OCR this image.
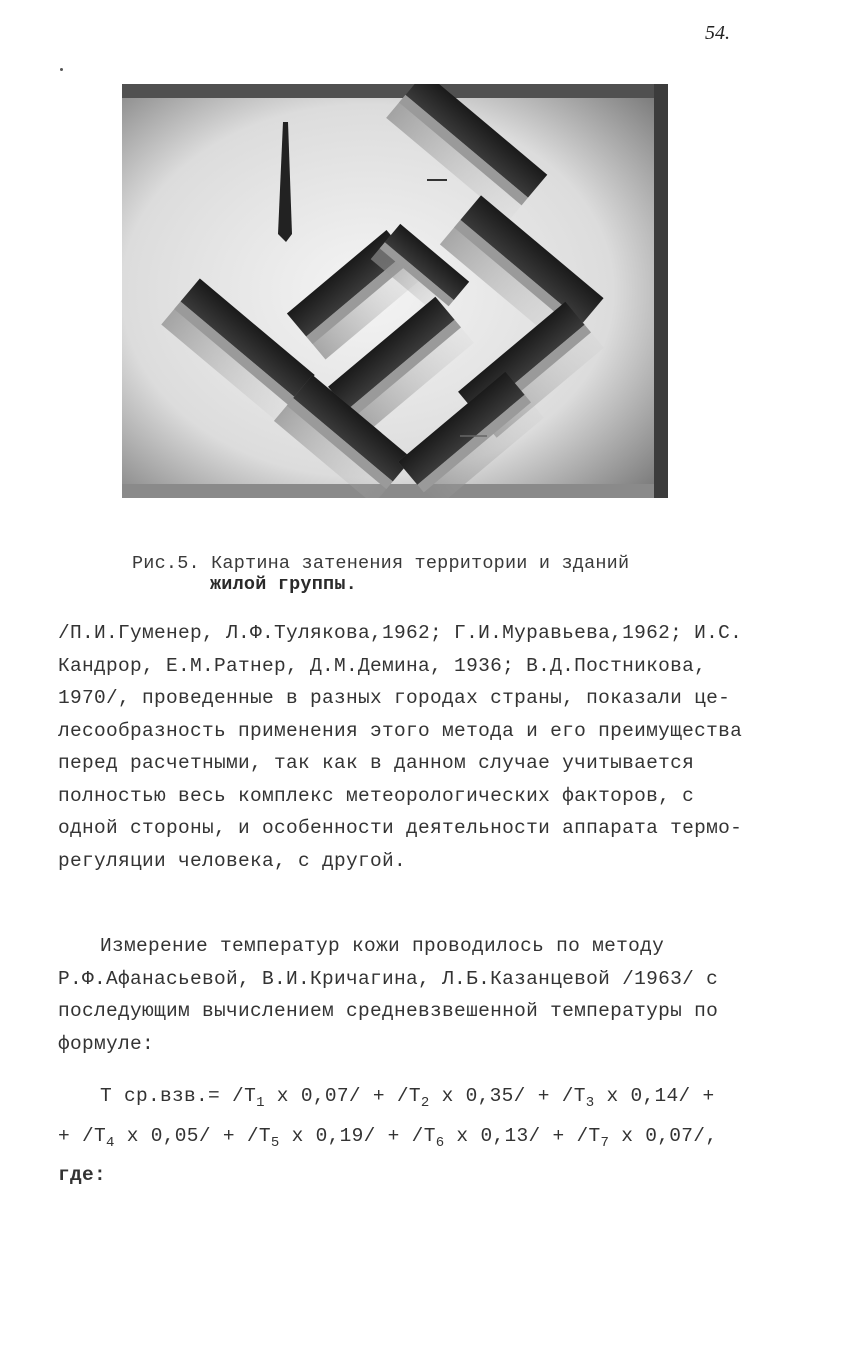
54.
Рис.5. Картина затенения территории и зданий
жилой группы.
/П.И.Гуменер, Л.Ф.Тулякова,1962; Г.И.Муравьева,1962; И.С.
Кандрор, Е.М.Ратнер, Д.М.Демина, 1936; В.Д.Постникова,
1970/, проведенные в разных городах страны, показали це-
лесообразность применения этого метода и его преимущества
перед расчетными, так как в данном случае учитывается
полностью весь комплекс метеорологических факторов, с
одной стороны, и особенности деятельности аппарата термо-
регуляции человека, с другой.
Измерение температур кожи проводилось по методу
Р.Ф.Афанасьевой, В.И.Кричагина, Л.Б.Казанцевой /1963/ с
последующим вычислением средневзвешенной температуры по
формуле:
Т $ср.взв.= /Т_1$ x $0,07/ + /Т_2$ x $0,35/ + /Т_3$ x 0,14/ +
+ $/Т_4$ x $0,05/ + /Т_5$ x $0,19/ + /Т_6$ x $0,13/ + /Т_7$ x 0,07/,
где:
